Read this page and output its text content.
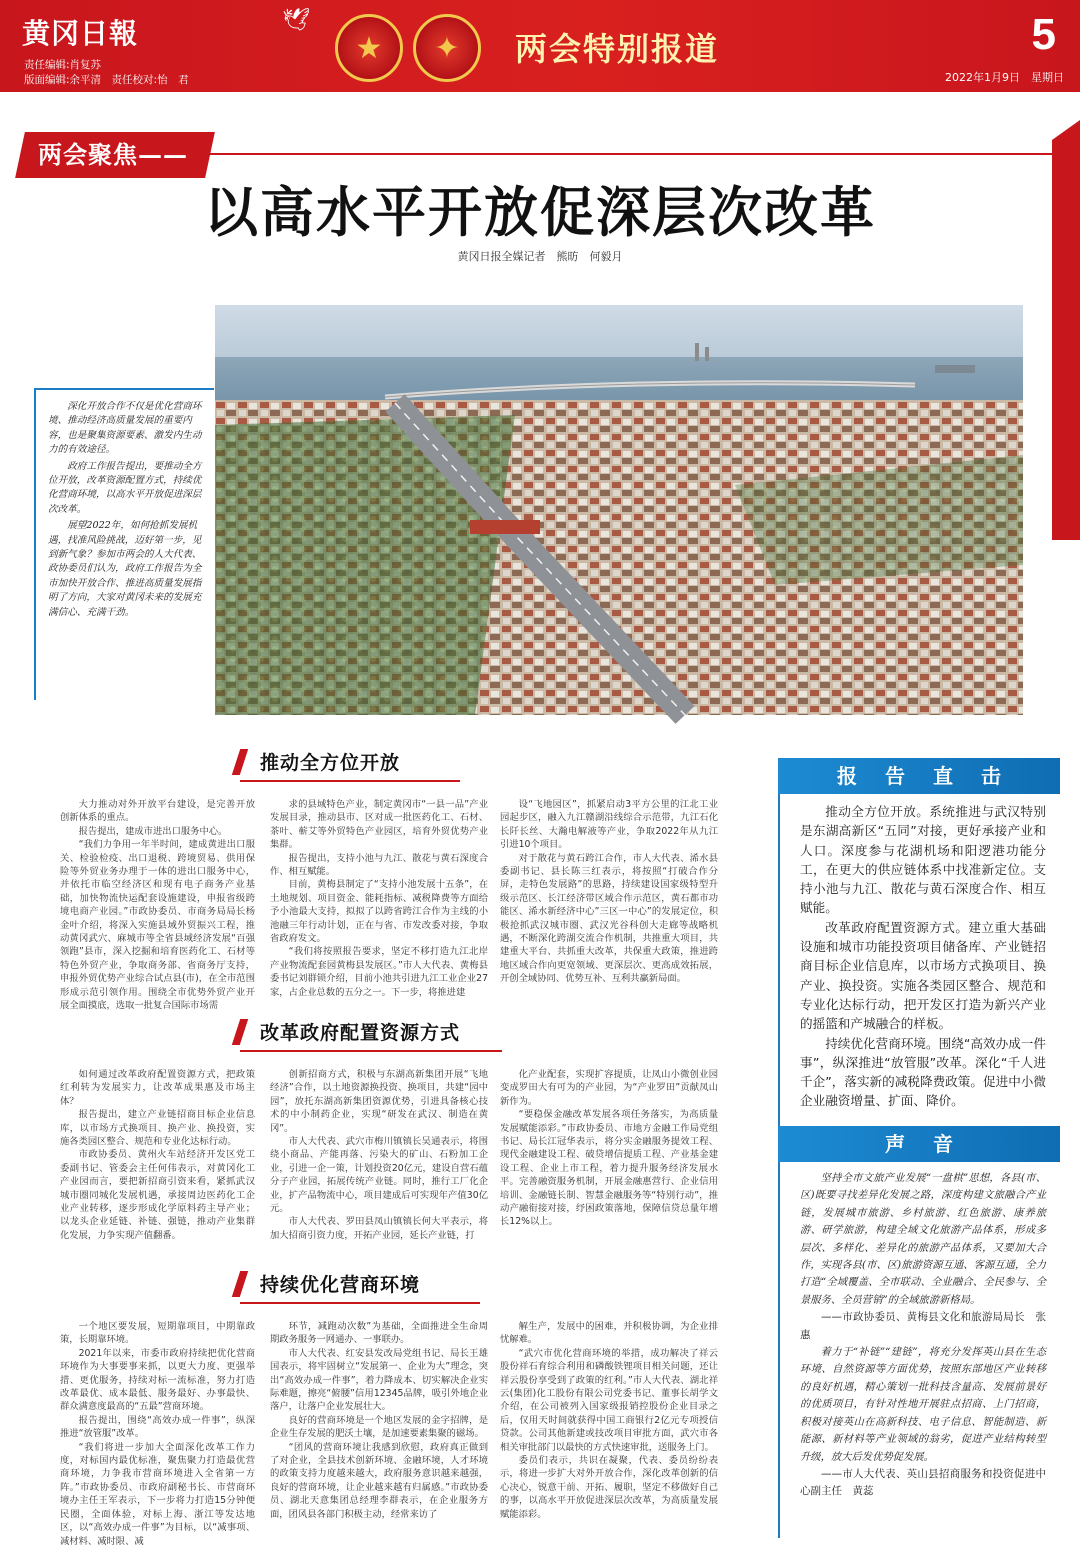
黄冈日報
责任编辑:肖复苏
版面编辑:余平清　责任校对:怡　君
🕊
★ ✦ 两会特别报道	5
2022年1月9日　星期日
两会聚焦——
以高水平开放促深层次改革
黄冈日报全媒记者　熊昉　何毅月

深化开放合作不仅是优化营商环境、推动经济高质量发展的重要内容，也是聚集资源要素、激发内生动力的有效途径。

政府工作报告提出，要推动全方位开放，改革资源配置方式，持续优化营商环境，以高水平开放促进深层次改革。

展望2022年，如何抢抓发展机遇，找准风险挑战，迈好第一步，见到新气象？参加市两会的人大代表、政协委员们认为，政府工作报告为全市加快开放合作、推进高质量发展指明了方向，大家对黄冈未来的发展充满信心、充满干劲。

推动全方位开放

大力推动对外开放平台建设，是完善开放创新体系的重点。

报告提出，建成市进出口服务中心。

“我们力争用一年半时间，建成黄进出口服关、检验检疫、出口退税、跨境贸易、供用保险等外贸业务办理于一体的进出口服务中心，并依托市临空经济区和现有电子商务产业基础，加快物流快运配套设施建设，申报省级跨境电商产业园。”市政协委员、市商务局局长杨金叶介绍，将深入实施县域外贸振兴工程，推动黄冈武穴、麻城市等全省县域经济发展“百强领跑”县市，深入挖掘和培育医药化工、石材等特色外贸产业，争取商务部、省商务厅支持，申报外贸优势产业综合试点县(市)，在全市范围形成示范引领作用。围绕全市优势外贸产业开展全面摸底，选取一批复合国际市场需

求的县域特色产业，制定黄冈市“一县一品”产业发展目录，推动县市、区对成一批医药化工、石材、茶叶、蕲艾等外贸特色产业园区，培育外贸优势产业集群。

报告提出，支持小池与九江、散花与黄石深度合作、相互赋能。

目前，黄梅县制定了“支持小池发展十五条”，在土地规划、项目资金、能耗指标、减税降费等方面给予小池最大支持，拟拟了以跨省跨江合作为主线的小池融三年行动计划，正在与省、市发改委对接，争取省政府发文。

“我们将按照报告要求，坚定不移打造九江北岸产业物流配套园黄梅县发展区。”市人大代表、黄梅县委书记刘群锁介绍，目前小池共引进九江工业企业27家，占企业总数的五分之一。下一步，将推进建

设“飞地园区”，抓紧启动3平方公里的江北工业园起步区，融入九江赣湖沿线综合示范带，九江石化长阡长丝、大瀚电解液等产业，争取2022年从九江引进10个项目。

对于散花与黄石跨江合作，市人大代表、浠水县委副书记、县长陈三红表示，将按照“打破合作分屏，走特色发展路”的思路，持续建设国家级特型升级示范区、长江经济带区域合作示范区，黄石都市功能区、浠水新经济中心”三区一中心”的发展定位，积极抢抓武汉城市圈、武汉光谷科创大走廊等战略机遇，不断深化跨湖交流合作机制，共推重大项目，共建重大平台、共抓重大改革，共保重大政策，推进跨地区域合作向更宽领域、更深层次、更高成效拓展，开创全域协同、优势互补、互利共赢新局面。

改革政府配置资源方式

如何通过改革政府配置资源方式，把政策红利转为发展实力，让改革成果惠及市场主体？

报告提出，建立产业链招商目标企业信息库，以市场方式换项目、换产业、换投资，实施各类园区整合、规范和专业化达标行动。

市政协委员、黄州火车站经济开发区党工委副书记、管委会主任何伟表示，对黄冈化工产业园而言，要把新招商引资来看，紧抓武汉城市圈同城化发展机遇，承接周边医药化工企业产业转移，逐步形成化学原料药主导产业；以龙头企业延链、补链、强链，推动产业集群化发展，力争实现产值翻番。

创新招商方式，积极与东湖高新集团开展“飞地经济”合作，以土地资源换投资、换项目，共建“园中园”，放托东湖高新集团资源优势，引进具备核心技术的中小制药企业，实现“研发在武汉、制造在黄冈”。

市人大代表、武穴市梅川镇镇长吴通表示，将围绕小商品、产能再落、污染大的矿山、石粉加工企业，引进一企一策，计划投资20亿元，建设自营石蕴分子产业园，拓展传统产业链。同时，推行工厂化企业，扩产品物流中心，项目建成后可实现年产值30亿元。

市人大代表、罗田县凤山镇镇长何大平表示，将加大招商引资力度，开拓产业园，延长产业链，打

化产业配套，实现扩容提质，让凤山小微创业园变成罗田大有可为的产业园，为“产业罗田”贡献凤山新作为。

“要稳保金融改革发展各项任务落实，为高质量发展赋能添彩。”市政协委员、市地方金融工作局党组书记、局长江冠华表示，将分实金融服务提效工程、现代金融建设工程、破贷增信提质工程、产业基金建设工程、企业上市工程，着力提升服务经济发展水平。完善融资服务机制，开展金融惠营行、企业信用培训、金融链长制、智慧金融服务等“特别行动”，推动产融衔接对接，纾困政策落地，保障信贷总量年增长12%以上。

持续优化营商环境

一个地区要发展，短期靠项目，中期靠政策，长期靠环境。

2021年以来，市委市政府持续把优化营商环境作为大事要事来抓，以更大力度、更强举措、更优服务，持续对标一流标准，努力打造改革最优、成本最低、服务最好、办事最快、群众满意度最高的“五最”营商环境。

报告提出，围绕“高效办成一件事”，纵深推进“放管服”改革。

“我们将进一步加大全面深化改革工作力度，对标国内最优标准，聚焦聚力打造最优营商环境，力争我市营商环境进入全省第一方阵。”市政协委员、市政府副秘书长、市营商环境办主任王军表示，下一步将力打造15分钟便民圈，全面体验，对标上海、浙江等发达地区，以“高效办成一件事”为目标，以“减事项、减材料、减时限、减

环节，减跑动次数”为基础，全面推进全生命周期政务服务一网通办、一事联办。

市人大代表、红安县发改局党组书记、局长王雄国表示，将牢固树立“发展第一、企业为大”理念，突出“高效办成一件事”，着力降成本、切实解决企业实际难题，擦亮“俯腰”信用12345品牌，吸引外地企业落户，让落户企业发展壮大。

良好的营商环境是一个地区发展的金字招牌，是企业生存发展的肥沃土壤，是加速要素集聚的磁场。

“团风的营商环境让我感到欣慰，政府真正做到了对企业，全县技术创新环境、金融环境，人才环境的政策支持力度越来越大，政府服务意识越来越强，良好的营商环境，让企业越来越有归属感。”市政协委员、湖北天意集团总经理李群表示，在企业服务方面，团风县各部门积极主动，经常来访了

解生产，发展中的困难，并积极协调，为企业排忧解难。

“武穴市优化营商环境的举措，成功解决了祥云股份祥石育综合利用和磷酸铁锂项目相关问题，还让祥云股份享受到了政策的红利。”市人大代表、湖北祥云(集团)化工股份有限公司党委书记、董事长胡学文介绍，在公司被列入国家级报销控股份企业目录之后，仅用天时间就获得中国工商银行2亿元专项授信贷款。公司其他新建或技改项目审批方面，武穴市各相关审批部门以最快的方式快速审批，送服务上门。

委员们表示，共识在凝聚，代表、委员纷纷表示，将进一步扩大对外开放合作，深化改革创新的信心决心，锐意干前、开拓、履职，坚定不移做好自己的事，以高水平开放促进深层次改革，为高质量发展赋能添彩。

报告直击

推动全方位开放。系统推进与武汉特别是东湖高新区“五同”对接，更好承接产业和人口。深度参与花湖机场和阳逻港功能分工，在更大的供应链体系中找准新定位。支持小池与九江、散花与黄石深度合作、相互赋能。

改革政府配置资源方式。建立重大基础设施和城市功能投资项目储备库、产业链招商目标企业信息库，以市场方式换项目、换产业、换投资。实施各类园区整合、规范和专业化达标行动，把开发区打造为新兴产业的摇篮和产城融合的样板。

持续优化营商环境。围绕“高效办成一件事”，纵深推进“放管服”改革。深化“千人进千企”，落实新的减税降费政策。促进中小微企业融资增量、扩面、降价。

声音

坚持全市文旅产业发展“一盘棋”思想，各县(市、区)既要寻找差异化发展之路，深度构建文旅融合产业链，发展城市旅游、乡村旅游、红色旅游、康养旅游、研学旅游，构建全域文化旅游产品体系，形成多层次、多样化、差异化的旅游产品体系，又要加大合作，实现各县(市、区)旅游资源互通、客源互通，全力打造“全域覆盖、全市联动、全业融合、全民参与、全景服务、全员营销”的全域旅游新格局。

——市政协委员、黄梅县文化和旅游局局长　张惠

着力于“补链”“建链”，将充分发挥英山县在生态环境、自然资源等方面优势，按照东部地区产业转移的良好机遇，精心策划一批科技含量高、发展前景好的优质项目，有针对性地开展驻点招商、上门招商，积极对接英山在高新科技、电子信息、智能制造、新能源、新材料等产业领域的翁劣，促进产业结构转型升级，放大后发优势促发展。

——市人大代表、英山县招商服务和投资促进中心副主任　黄蕊
